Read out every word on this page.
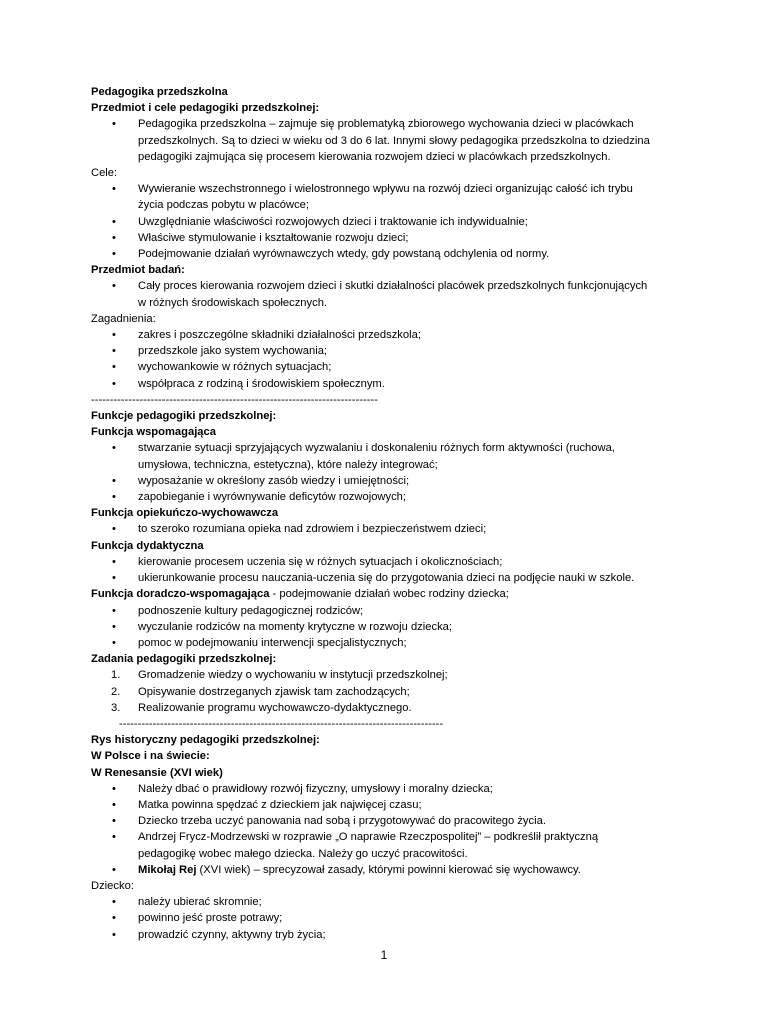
Pedagogika przedszkolna
Przedmiot i cele pedagogiki przedszkolnej:
• Pedagogika przedszkolna – zajmuje się problematyką zbiorowego wychowania dzieci w placówkach
przedszkolnych. Są to dzieci w wieku od 3 do 6 lat. Innymi słowy pedagogika przedszkolna to dziedzina
pedagogiki zajmująca się procesem kierowania rozwojem dzieci w placówkach przedszkolnych.
Cele:
• Wywieranie wszechstronnego i wielostronnego wpływu na rozwój dzieci organizując całość ich trybu
życia podczas pobytu w placówce;
• Uwzględnianie właściwości rozwojowych dzieci i traktowanie ich indywidualnie;
• Właściwe stymulowanie i kształtowanie rozwoju dzieci;
• Podejmowanie działań wyrównawczych wtedy, gdy powstaną odchylenia od normy.
Przedmiot badań:
• Cały proces kierowania rozwojem dzieci i skutki działalności placówek przedszkolnych funkcjonujących
w różnych środowiskach społecznych.
Zagadnienia:
• zakres i poszczególne składniki działalności przedszkola;
• przedszkole jako system wychowania;
• wychowankowie w różnych sytuacjach;
• współpraca z rodziną i środowiskiem społecznym.
-----------------------------------------------------------------------------
Funkcje pedagogiki przedszkolnej:
Funkcja wspomagająca
• stwarzanie sytuacji sprzyjających wyzwalaniu i doskonaleniu różnych form aktywności (ruchowa,
umysłowa, techniczna, estetyczna), które należy integrować;
• wyposażanie w określony zasób wiedzy i umiejętności;
• zapobieganie i wyrównywanie deficytów rozwojowych;
Funkcja opiekuńczo-wychowawcza
• to szeroko rozumiana opieka nad zdrowiem i bezpieczeństwem dzieci;
Funkcja dydaktyczna
• kierowanie procesem uczenia się w różnych sytuacjach i okolicznościach;
• ukierunkowanie procesu nauczania-uczenia się do przygotowania dzieci na podjęcie nauki w szkole.
Funkcja doradczo-wspomagająca - podejmowanie działań wobec rodziny dziecka;
• podnoszenie kultury pedagogicznej rodziców;
• wyczulanie rodziców na momenty krytyczne w rozwoju dziecka;
• pomoc w podejmowaniu interwencji specjalistycznych;
Zadania pedagogiki przedszkolnej:
1. Gromadzenie wiedzy o wychowaniu w instytucji przedszkolnej;
2. Opisywanie dostrzeganych zjawisk tam zachodzących;
3. Realizowanie programu wychowawczo-dydaktycznego.
---------------------------------------------------------------------------------------
Rys historyczny pedagogiki przedszkolnej:
W Polsce i na świecie:
W Renesansie (XVI wiek)
• Należy dbać o prawidłowy rozwój fizyczny, umysłowy i moralny dziecka;
• Matka powinna spędzać z dzieckiem jak najwięcej czasu;
• Dziecko trzeba uczyć panowania nad sobą i przygotowywać do pracowitego życia.
• Andrzej Frycz-Modrzewski w rozprawie „O naprawie Rzeczpospolitej” – podkreślił praktyczną
pedagogikę wobec małego dziecka. Należy go uczyć pracowitości.
• Mikołaj Rej (XVI wiek) – sprecyzował zasady, którymi powinni kierować się wychowawcy.
Dziecko:
• należy ubierać skromnie;
• powinno jeść proste potrawy;
• prowadzić czynny, aktywny tryb życia;
1
